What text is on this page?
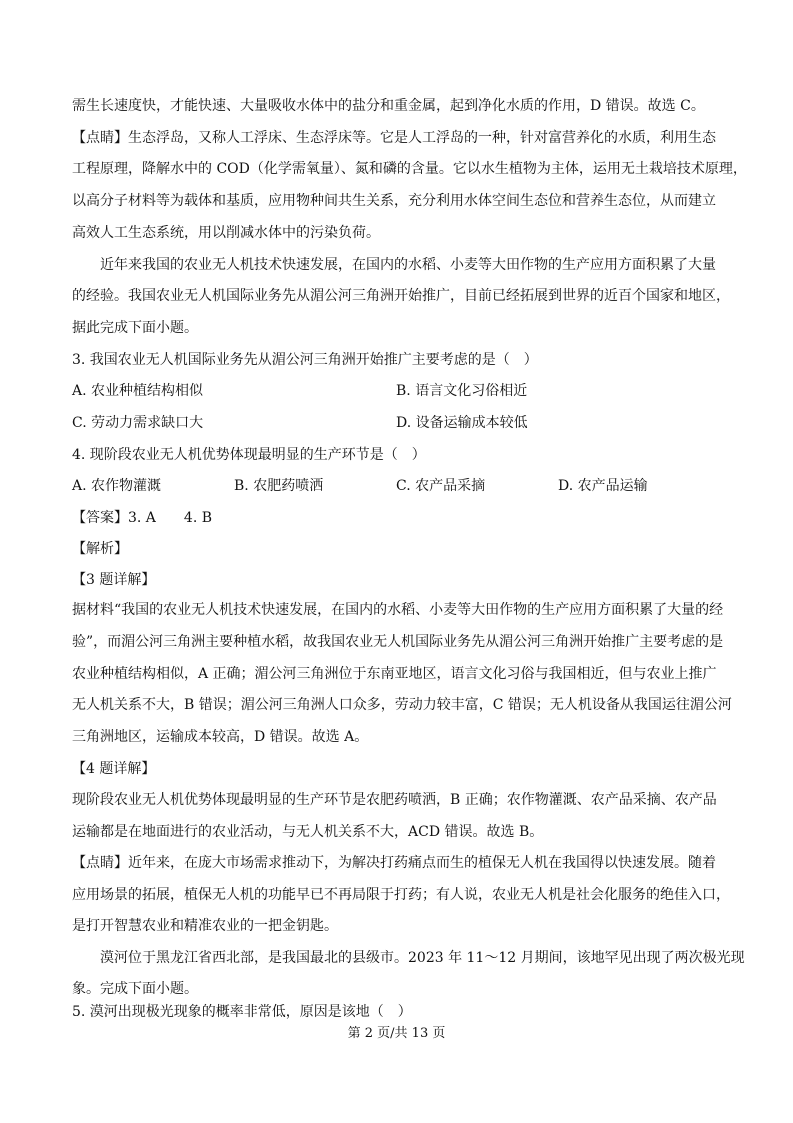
需生长速度快，才能快速、大量吸收水体中的盐分和重金属，起到净化水质的作用，D 错误。故选 C。
【点睛】生态浮岛，又称人工浮床、生态浮床等。它是人工浮岛的一种，针对富营养化的水质，利用生态
工程原理，降解水中的 COD（化学需氧量）、氮和磷的含量。它以水生植物为主体，运用无土栽培技术原理，
以高分子材料等为载体和基质，应用物种间共生关系，充分利用水体空间生态位和营养生态位，从而建立
高效人工生态系统，用以削减水体中的污染负荷。
近年来我国的农业无人机技术快速发展，在国内的水稻、小麦等大田作物的生产应用方面积累了大量
的经验。我国农业无人机国际业务先从湄公河三角洲开始推广，目前已经拓展到世界的近百个国家和地区，
据此完成下面小题。
3. 我国农业无人机国际业务先从湄公河三角洲开始推广主要考虑的是（　）
A. 农业种植结构相似	B. 语言文化习俗相近
C. 劳动力需求缺口大	D. 设备运输成本较低
4. 现阶段农业无人机优势体现最明显的生产环节是（　）
A. 农作物灌溉	B. 农肥药喷洒	C. 农产品采摘	D. 农产品运输
【答案】3. A　　4. B
【解析】
【3 题详解】
据材料“我国的农业无人机技术快速发展，在国内的水稻、小麦等大田作物的生产应用方面积累了大量的经
验”，而湄公河三角洲主要种植水稻，故我国农业无人机国际业务先从湄公河三角洲开始推广主要考虑的是
农业种植结构相似，A 正确；湄公河三角洲位于东南亚地区，语言文化习俗与我国相近，但与农业上推广
无人机关系不大，B 错误；湄公河三角洲人口众多，劳动力较丰富，C 错误；无人机设备从我国运往湄公河
三角洲地区，运输成本较高，D 错误。故选 A。
【4 题详解】
现阶段农业无人机优势体现最明显的生产环节是农肥药喷洒，B 正确；农作物灌溉、农产品采摘、农产品
运输都是在地面进行的农业活动，与无人机关系不大，ACD 错误。故选 B。
【点睛】近年来，在庞大市场需求推动下，为解决打药痛点而生的植保无人机在我国得以快速发展。随着
应用场景的拓展，植保无人机的功能早已不再局限于打药；有人说，农业无人机是社会化服务的绝佳入口，
是打开智慧农业和精准农业的一把金钥匙。
漠河位于黑龙江省西北部，是我国最北的县级市。2023 年 11～12 月期间，该地罕见出现了两次极光现
象。完成下面小题。
5. 漠河出现极光现象的概率非常低，原因是该地（　）
第 2 页/共 13 页
